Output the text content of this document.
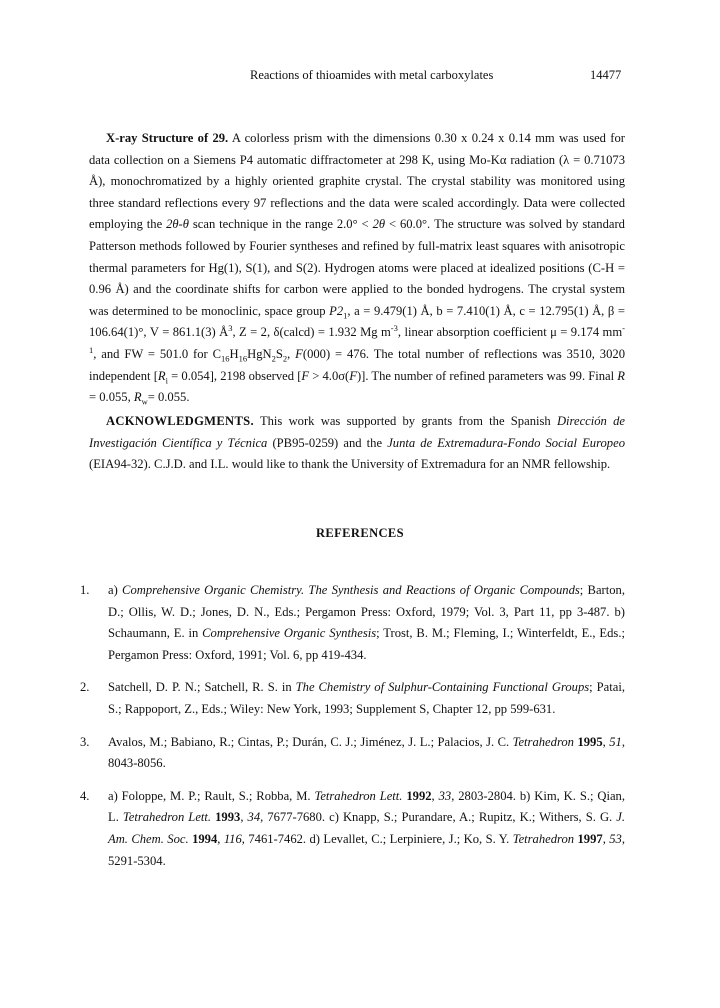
Reactions of thioamides with metal carboxylates	14477

X-ray Structure of 29. A colorless prism with the dimensions 0.30 x 0.24 x 0.14 mm was used for data collection on a Siemens P4 automatic diffractometer at 298 K, using Mo-Kα radiation (λ = 0.71073 Å), monochromatized by a highly oriented graphite crystal. The crystal stability was monitored using three standard reflections every 97 reflections and the data were scaled accordingly. Data were collected employing the 2θ-θ scan technique in the range 2.0° < 2θ < 60.0°. The structure was solved by standard Patterson methods followed by Fourier syntheses and refined by full-matrix least squares with anisotropic thermal parameters for Hg(1), S(1), and S(2). Hydrogen atoms were placed at idealized positions (C-H = 0.96 Å) and the coordinate shifts for carbon were applied to the bonded hydrogens. The crystal system was determined to be monoclinic, space group $P2_1$, a = 9.479(1) Å, b = 7.410(1) Å, c = 12.795(1) Å, β = 106.64(1)°, V = 861.1(3) $Å^3$, Z = 2, δ(calcd) = 1.932 Mg $m^{-3}$, linear absorption coefficient μ = 9.174 $mm^{-1}$, and FW = 501.0 for $C_{16}H_{16}HgN_2S_2$, F(000) = 476. The total number of reflections was 3510, 3020 independent $[R_i = 0.054]$, 2198 observed [F > 4.0σ(F)]. The number of refined parameters was 99. Final R = 0.055, $R_w= 0.055$.

ACKNOWLEDGMENTS. This work was supported by grants from the Spanish Dirección de Investigación Científica y Técnica (PB95-0259) and the Junta de Extremadura-Fondo Social Europeo (EIA94-32). C.J.D. and I.L. would like to thank the University of Extremadura for an NMR fellowship.

REFERENCES
1.	a) Comprehensive Organic Chemistry. The Synthesis and Reactions of Organic Compounds; Barton, D.; Ollis, W. D.; Jones, D. N., Eds.; Pergamon Press: Oxford, 1979; Vol. 3, Part 11, pp 3-487. b) Schaumann, E. in Comprehensive Organic Synthesis; Trost, B. M.; Fleming, I.; Winterfeldt, E., Eds.; Pergamon Press: Oxford, 1991; Vol. 6, pp 419-434.
2.	Satchell, D. P. N.; Satchell, R. S. in The Chemistry of Sulphur-Containing Functional Groups; Patai, S.; Rappoport, Z., Eds.; Wiley: New York, 1993; Supplement S, Chapter 12, pp 599-631.
3.	Avalos, M.; Babiano, R.; Cintas, P.; Durán, C. J.; Jiménez, J. L.; Palacios, J. C. Tetrahedron 1995, 51, 8043-8056.
4.	a) Foloppe, M. P.; Rault, S.; Robba, M. Tetrahedron Lett. 1992, 33, 2803-2804. b) Kim, K. S.; Qian, L. Tetrahedron Lett. 1993, 34, 7677-7680. c) Knapp, S.; Purandare, A.; Rupitz, K.; Withers, S. G. J. Am. Chem. Soc. 1994, 116, 7461-7462. d) Levallet, C.; Lerpiniere, J.; Ko, S. Y. Tetrahedron 1997, 53, 5291-5304.
